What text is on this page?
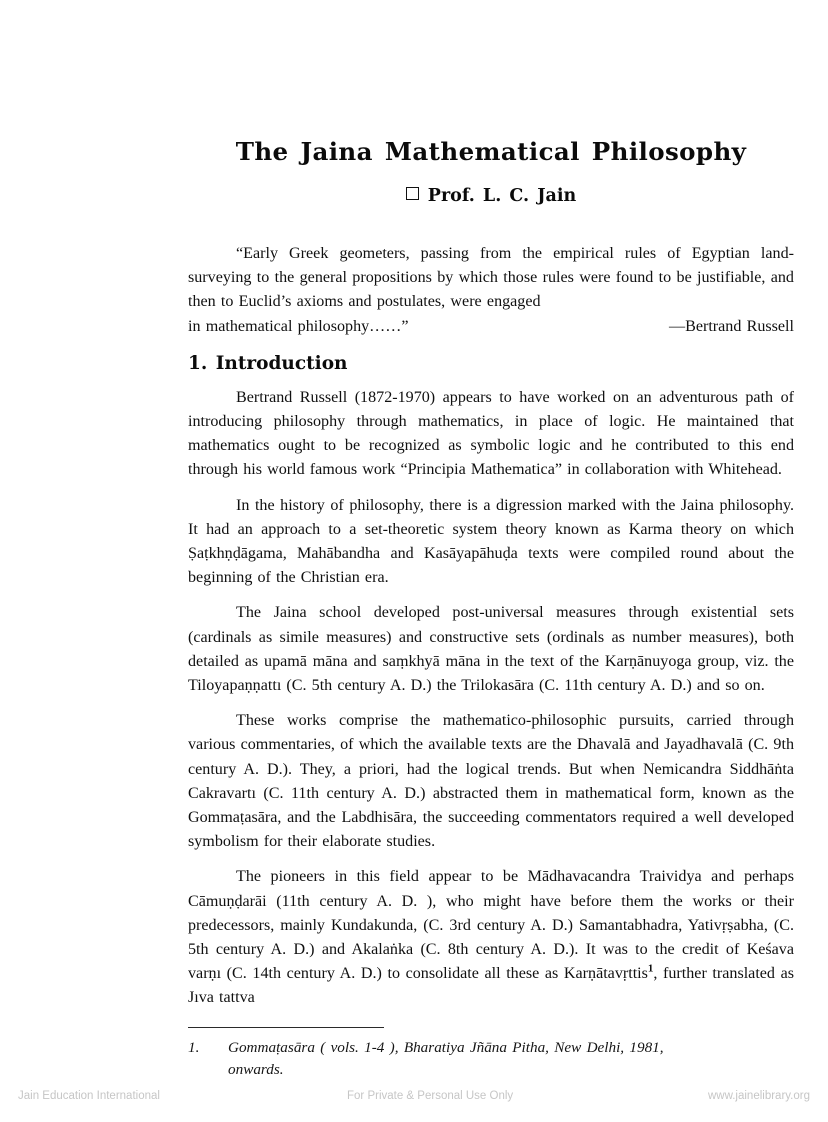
The Jaina Mathematical Philosophy
Prof. L. C. Jain
“Early Greek geometers, passing from the empirical rules of Egyptian land-surveying to the general propositions by which those rules were found to be justifiable, and then to Euclid’s axioms and postulates, were engaged
in mathematical philosophy……”	—Bertrand Russell
1. Introduction

Bertrand Russell (1872-1970) appears to have worked on an adventurous path of introducing philosophy through mathematics, in place of logic. He maintained that mathematics ought to be recognized as symbolic logic and he contributed to this end through his world famous work “Principia Mathematica” in collaboration with Whitehead.

In the history of philosophy, there is a digression marked with the Jaina philosophy. It had an approach to a set-theoretic system theory known as Karma theory on which Ṣaṭkhṇḍāgama, Mahābandha and Kasāyapāhuḍa texts were compiled round about the beginning of the Christian era.

The Jaina school developed post-universal measures through existential sets (cardinals as simile measures) and constructive sets (ordinals as number measures), both detailed as upamā māna and saṃkhyā māna in the text of the Karṇānuyoga group, viz. the Tiloyapaṇṇattı (C. 5th century A. D.) the Trilokasāra (C. 11th century A. D.) and so on.

These works comprise the mathematico-philosophic pursuits, carried through various commentaries, of which the available texts are the Dhavalā and Jayadhavalā (C. 9th century A. D.). They, a priori, had the logical trends. But when Nemicandra Siddhāṅta Cakravartı (C. 11th century A. D.) abstracted them in mathematical form, known as the Gommaṭasāra, and the Labdhisāra, the succeeding commentators required a well developed symbolism for their elaborate studies.

The pioneers in this field appear to be Mādhavacandra Traividya and perhaps Cāmuṇḍarāi (11th century A. D. ), who might have before them the works or their predecessors, mainly Kundakunda, (C. 3rd century A. D.) Samantabhadra, Yativṛṣabha, (C. 5th century A. D.) and Akalaṅka (C. 8th century A. D.). It was to the credit of Keśava varṇı (C. 14th century A. D.) to consolidate all these as Karṇātavṛttis$^1$, further translated as Jıva tattva

1.	Gommaṭasāra ( vols. 1-4 ), Bharatiya Jñāna Pitha, New Delhi, 1981,
onwards.
Jain Education International	For Private & Personal Use Only	www.jainelibrary.org
